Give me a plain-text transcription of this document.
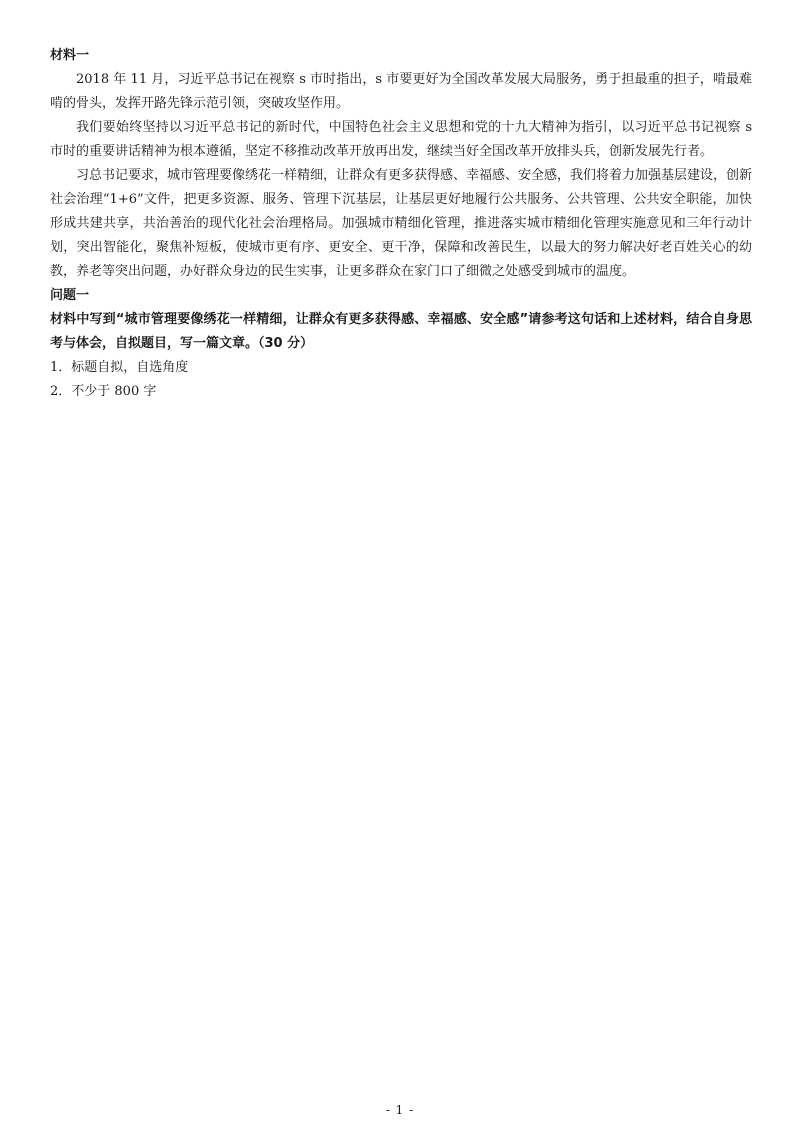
材料一

2018 年 11 月，习近平总书记在视察 s 市时指出，s 市要更好为全国改革发展大局服务，勇于担最重的担子，啃最难啃的骨头，发挥开路先锋示范引领，突破攻坚作用。

我们要始终坚持以习近平总书记的新时代，中国特色社会主义思想和党的十九大精神为指引，以习近平总书记视察 s 市时的重要讲话精神为根本遵循，坚定不移推动改革开放再出发，继续当好全国改革开放排头兵，创新发展先行者。

习总书记要求，城市管理要像绣花一样精细，让群众有更多获得感、幸福感、安全感，我们将着力加强基层建设，创新社会治理“1+6”文件，把更多资源、服务、管理下沉基层，让基层更好地履行公共服务、公共管理、公共安全职能，加快形成共建共享，共治善治的现代化社会治理格局。加强城市精细化管理，推进落实城市精细化管理实施意见和三年行动计划，突出智能化，聚焦补短板，使城市更有序、更安全、更干净，保障和改善民生，以最大的努力解决好老百姓关心的幼教，养老等突出问题，办好群众身边的民生实事，让更多群众在家门口了细微之处感受到城市的温度。

问题一

材料中写到“城市管理要像绣花一样精细，让群众有更多获得感、幸福感、安全感”请参考这句话和上述材料，结合自身思考与体会，自拟题目，写一篇文章。（30 分）

1．标题自拟，自选角度

2．不少于 800 字

- 1 -
